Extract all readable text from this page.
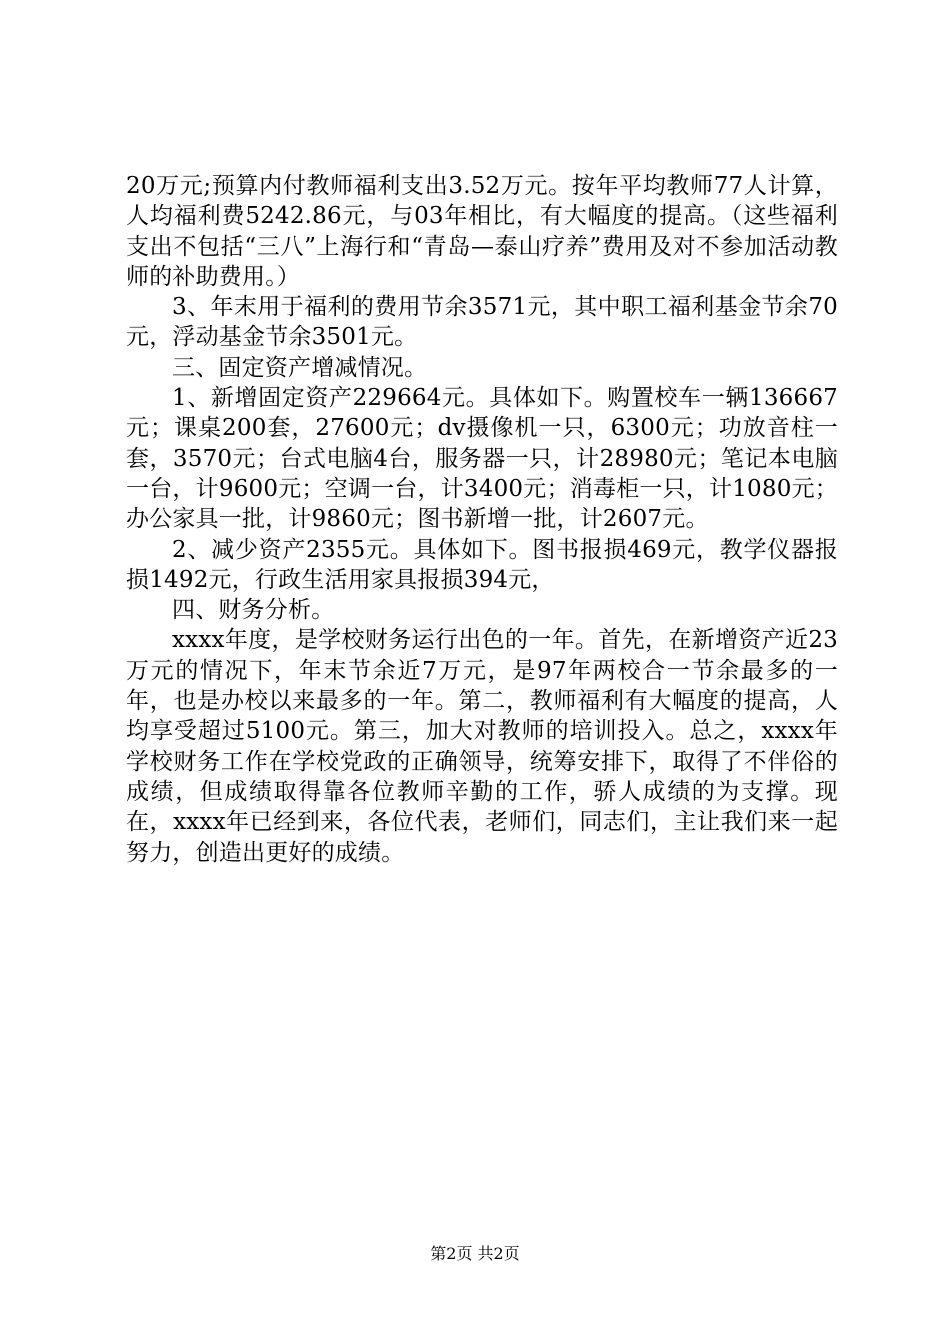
20万元;预算内付教师福利支出3.52万元。按年平均教师77人计算，人均福利费5242.86元，与03年相比，有大幅度的提高。（这些福利支出不包括“三八”上海行和“青岛—泰山疗养”费用及对不参加活动教师的补助费用。）

3、年末用于福利的费用节余3571元，其中职工福利基金节余70元，浮动基金节余3501元。

三、固定资产增减情况。

1、新增固定资产229664元。具体如下。购置校车一辆136667元；课桌200套，27600元；dv摄像机一只，6300元；功放音柱一套，3570元；台式电脑4台，服务器一只，计28980元；笔记本电脑一台，计9600元；空调一台，计3400元；消毒柜一只，计1080元；办公家具一批，计9860元；图书新增一批，计2607元。

2、减少资产2355元。具体如下。图书报损469元，教学仪器报损1492元，行政生活用家具报损394元，

四、财务分析。

xxxx年度，是学校财务运行出色的一年。首先，在新增资产近23万元的情况下，年末节余近7万元，是97年两校合一节余最多的一年，也是办校以来最多的一年。第二，教师福利有大幅度的提高，人均享受超过5100元。第三，加大对教师的培训投入。总之，xxxx年学校财务工作在学校党政的正确领导，统筹安排下，取得了不伴俗的成绩，但成绩取得靠各位教师辛勤的工作，骄人成绩的为支撑。现在，xxxx年已经到来，各位代表，老师们，同志们，主让我们来一起努力，创造出更好的成绩。

第2页 共2页
